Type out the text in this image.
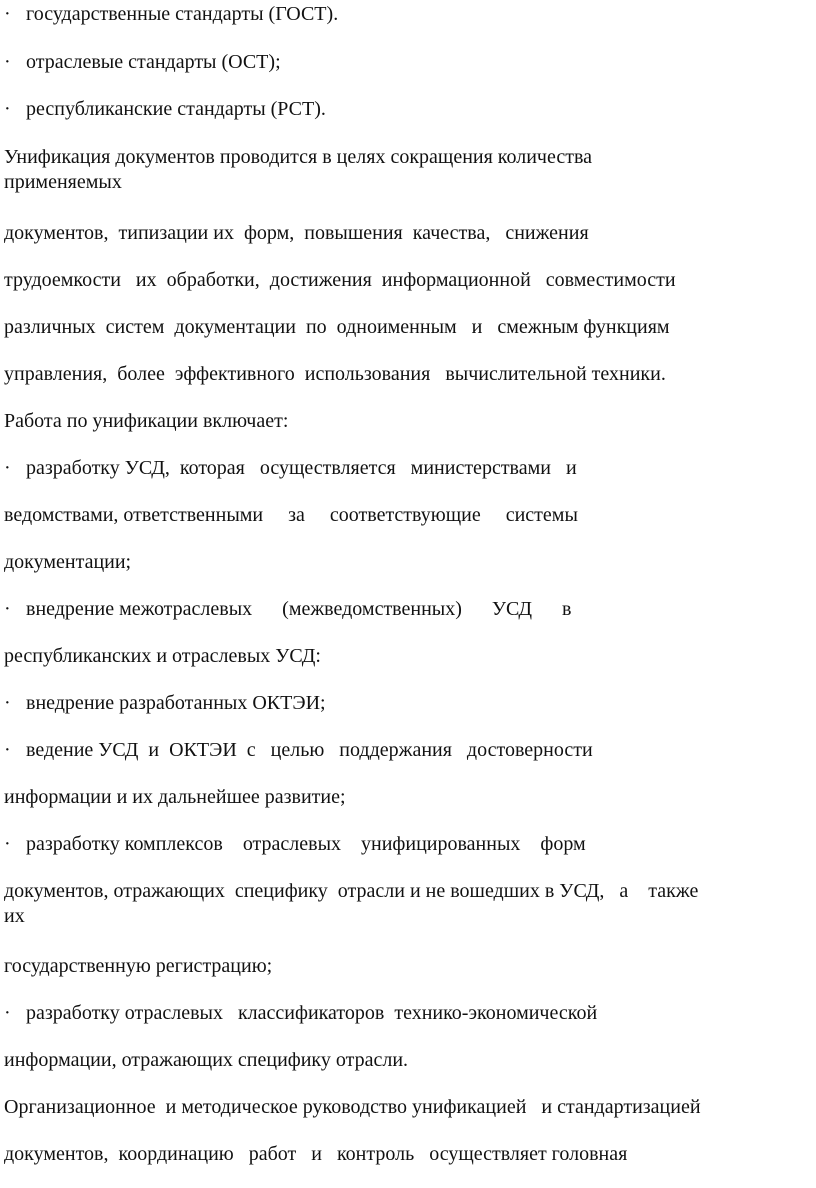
· государственные стандарты (ГОСТ).

· отраслевые стандарты (ОСТ);

· республиканские стандарты (РСТ).

Унификация документов проводится в целях сокращения количества

применяемых

документов,  типизации их  форм,  повышения  качества,   снижения

трудоемкости   их  обработки,  достижения  информационной   совместимости

различных  систем  документации  по  одноименным   и   смежным функциям

управления,  более  эффективного  использования   вычислительной техники.

Работа по унификации включает:

· разработку УСД,  которая   осуществляется   министерствами   и

ведомствами, ответственными     за     соответствующие     системы

документации;

· внедрение межотраслевых      (межведомственных)      УСД      в

республиканских и отраслевых УСД:

· внедрение разработанных ОКТЭИ;

· ведение УСД  и  ОКТЭИ  с   целью   поддержания   достоверности

информации и их дальнейшее развитие;

· разработку комплексов    отраслевых    унифицированных    форм

документов, отражающих  специфику  отрасли и не вошедших в УСД,   а    также

их

государственную регистрацию;

· разработку отраслевых   классификаторов  технико-экономической

информации, отражающих специфику отрасли.

Организационное  и методическое руководство унификацией   и стандартизацией

документов,  координацию   работ   и   контроль   осуществляет головная
